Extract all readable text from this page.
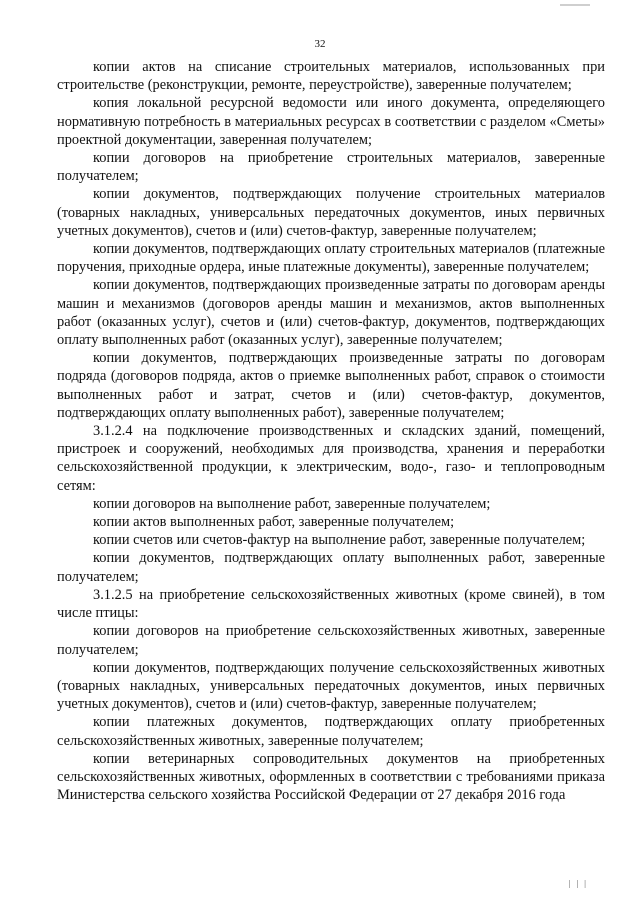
32

копии актов на списание строительных материалов, использованных при строительстве (реконструкции, ремонте, переустройстве), заверенные получателем;

копия локальной ресурсной ведомости или иного документа, определяющего нормативную потребность в материальных ресурсах в соответствии с разделом «Сметы» проектной документации, заверенная получателем;

копии договоров на приобретение строительных материалов, заверенные получателем;

копии документов, подтверждающих получение строительных материалов (товарных накладных, универсальных передаточных документов, иных первичных учетных документов), счетов и (или) счетов-фактур, заверенные получателем;

копии документов, подтверждающих оплату строительных материалов (платежные поручения, приходные ордера, иные платежные документы), заверенные получателем;

копии документов, подтверждающих произведенные затраты по договорам аренды машин и механизмов (договоров аренды машин и механизмов, актов выполненных работ (оказанных услуг), счетов и (или) счетов-фактур, документов, подтверждающих оплату выполненных работ (оказанных услуг), заверенные получателем;

копии документов, подтверждающих произведенные затраты по договорам подряда (договоров подряда, актов о приемке выполненных работ, справок о стоимости выполненных работ и затрат, счетов и (или) счетов-фактур, документов, подтверждающих оплату выполненных работ), заверенные получателем;

3.1.2.4 на подключение производственных и складских зданий, помещений, пристроек и сооружений, необходимых для производства, хранения и переработки сельскохозяйственной продукции, к электрическим, водо-, газо- и теплопроводным сетям:

копии договоров на выполнение работ, заверенные получателем;

копии актов выполненных работ, заверенные получателем;

копии счетов или счетов-фактур на выполнение работ, заверенные получателем;

копии документов, подтверждающих оплату выполненных работ, заверенные получателем;

3.1.2.5 на приобретение сельскохозяйственных животных (кроме свиней), в том числе птицы:

копии договоров на приобретение сельскохозяйственных животных, заверенные получателем;

копии документов, подтверждающих получение сельскохозяйственных животных (товарных накладных, универсальных передаточных документов, иных первичных учетных документов), счетов и (или) счетов-фактур, заверенные получателем;

копии платежных документов, подтверждающих оплату приобретенных сельскохозяйственных животных, заверенные получателем;

копии ветеринарных сопроводительных документов на приобретенных сельскохозяйственных животных, оформленных в соответствии с требованиями приказа Министерства сельского хозяйства Российской Федерации от 27 декабря 2016 года

| | |
